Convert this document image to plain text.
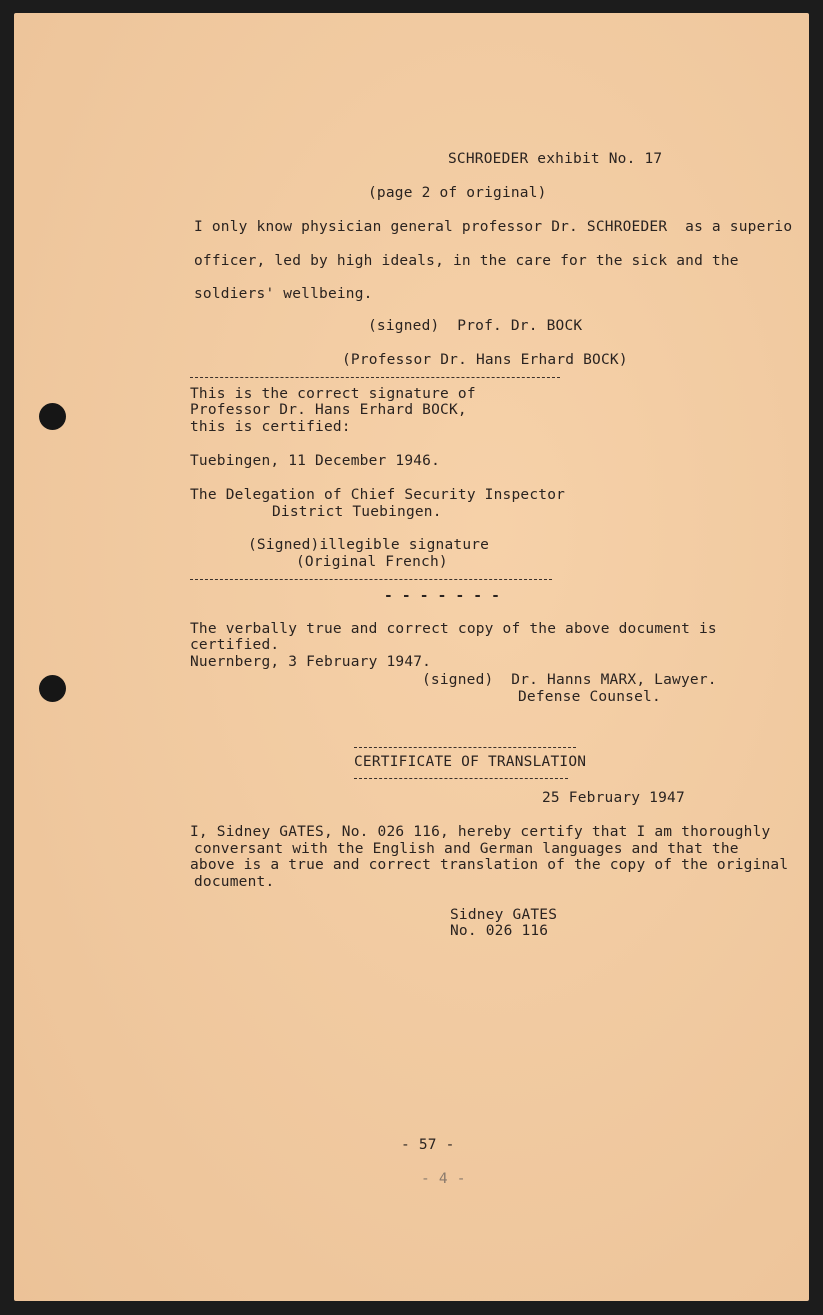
SCHROEDER exhibit No. 17
(page 2 of original)
I only know physician general professor Dr. SCHROEDER  as a superio
officer, led by high ideals, in the care for the sick and the
soldiers' wellbeing.
(signed)  Prof. Dr. BOCK
(Professor Dr. Hans Erhard BOCK)
This is the correct signature of
Professor Dr. Hans Erhard BOCK,
this is certified:
Tuebingen, 11 December 1946.
The Delegation of Chief Security Inspector
District Tuebingen.
(Signed)illegible signature
(Original French)
- - - - - - -
The verbally true and correct copy of the above document is
certified.
Nuernberg, 3 February 1947.
(signed)  Dr. Hanns MARX, Lawyer.
Defense Counsel.
CERTIFICATE OF TRANSLATION
25 February 1947
I, Sidney GATES, No. 026 116, hereby certify that I am thoroughly
conversant with the English and German languages and that the
above is a true and correct translation of the copy of the original
document.
Sidney GATES
No. 026 116
- 57 -
- 4 -
